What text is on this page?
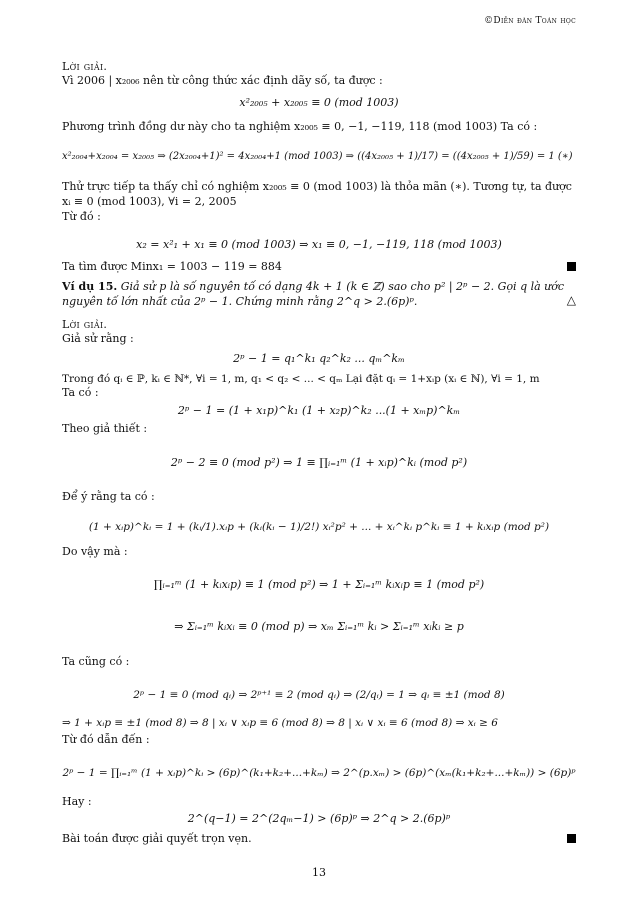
©Diễn đàn Toán học
Lời giải.
Vì 2006 | x₂₀₀₆ nên từ công thức xác định dãy số, ta được :
x²₂₀₀₅ + x₂₀₀₅ ≡ 0 (mod 1003)
Phương trình đồng dư này cho ta nghiệm x₂₀₀₅ ≡ 0, −1, −119, 118 (mod 1003) Ta có :
x²₂₀₀₄+x₂₀₀₄ = x₂₀₀₅ ⇒ (2x₂₀₀₄+1)² = 4x₂₀₀₄+1 (mod 1003) ⇒ ((4x₂₀₀₅ + 1)/17) = ((4x₂₀₀₅ + 1)/59) = 1 (∗)
Thử trực tiếp ta thấy chỉ có nghiệm x₂₀₀₅ ≡ 0 (mod 1003) là thỏa mãn (∗). Tương tự, ta được
xᵢ ≡ 0 (mod 1003), ∀i = 2, 2005
Từ đó :
x₂ = x²₁ + x₁ ≡ 0 (mod 1003) ⇒ x₁ ≡ 0, −1, −119, 118 (mod 1003)
Ta tìm được Minx₁ = 1003 − 119 = 884
Ví dụ 15. Giả sử p là số nguyên tố có dạng 4k + 1 (k ∈ ℤ) sao cho p² | 2ᵖ − 2. Gọi q là ước
nguyên tố lớn nhất của 2ᵖ − 1. Chứng minh rằng 2^q > 2.(6p)ᵖ.	△
Lời giải.
Giả sử rằng :
2ᵖ − 1 = q₁^k₁ q₂^k₂ ... qₘ^kₘ
Trong đó qᵢ ∈ ℙ, kᵢ ∈ ℕ*, ∀i = 1, m, q₁ < q₂ < ... < qₘ Lại đặt qᵢ = 1+xᵢp (xᵢ ∈ ℕ), ∀i = 1, m
Ta có :
2ᵖ − 1 = (1 + x₁p)^k₁ (1 + x₂p)^k₂ ...(1 + xₘp)^kₘ
Theo giả thiết :
2ᵖ − 2 ≡ 0 (mod p²) ⇒ 1 ≡ ∏ᵢ₌₁ᵐ (1 + xᵢp)^kᵢ (mod p²)
Để ý rằng ta có :
(1 + xᵢp)^kᵢ = 1 + (kᵢ/1).xᵢp + (kᵢ(kᵢ − 1)/2!) xᵢ²p² + ... + xᵢ^kᵢ p^kᵢ ≡ 1 + kᵢxᵢp (mod p²)
Do vậy mà :
∏ᵢ₌₁ᵐ (1 + kᵢxᵢp) ≡ 1 (mod p²) ⇒ 1 + Σᵢ₌₁ᵐ kᵢxᵢp ≡ 1 (mod p²)
⇒ Σᵢ₌₁ᵐ kᵢxᵢ ≡ 0 (mod p) ⇒ xₘ Σᵢ₌₁ᵐ kᵢ > Σᵢ₌₁ᵐ xᵢkᵢ ≥ p
Ta cũng có :
2ᵖ − 1 ≡ 0 (mod qᵢ) ⇒ 2ᵖ⁺¹ ≡ 2 (mod qᵢ) ⇒ (2/qᵢ) = 1 ⇒ qᵢ ≡ ±1 (mod 8)
⇒ 1 + xᵢp ≡ ±1 (mod 8) ⇒ 8 | xᵢ ∨ xᵢp ≡ 6 (mod 8) ⇒ 8 | xᵢ ∨ xᵢ ≡ 6 (mod 8) ⇒ xᵢ ≥ 6
Từ đó dẫn đến :
2ᵖ − 1 = ∏ᵢ₌₁ᵐ (1 + xᵢp)^kᵢ > (6p)^(k₁+k₂+...+kₘ) ⇒ 2^(p.xₘ) > (6p)^(xₘ(k₁+k₂+...+kₘ)) > (6p)ᵖ
Hay :
2^(q−1) = 2^(2qₘ−1) > (6p)ᵖ ⇒ 2^q > 2.(6p)ᵖ
Bài toán được giải quyết trọn vẹn.
13
